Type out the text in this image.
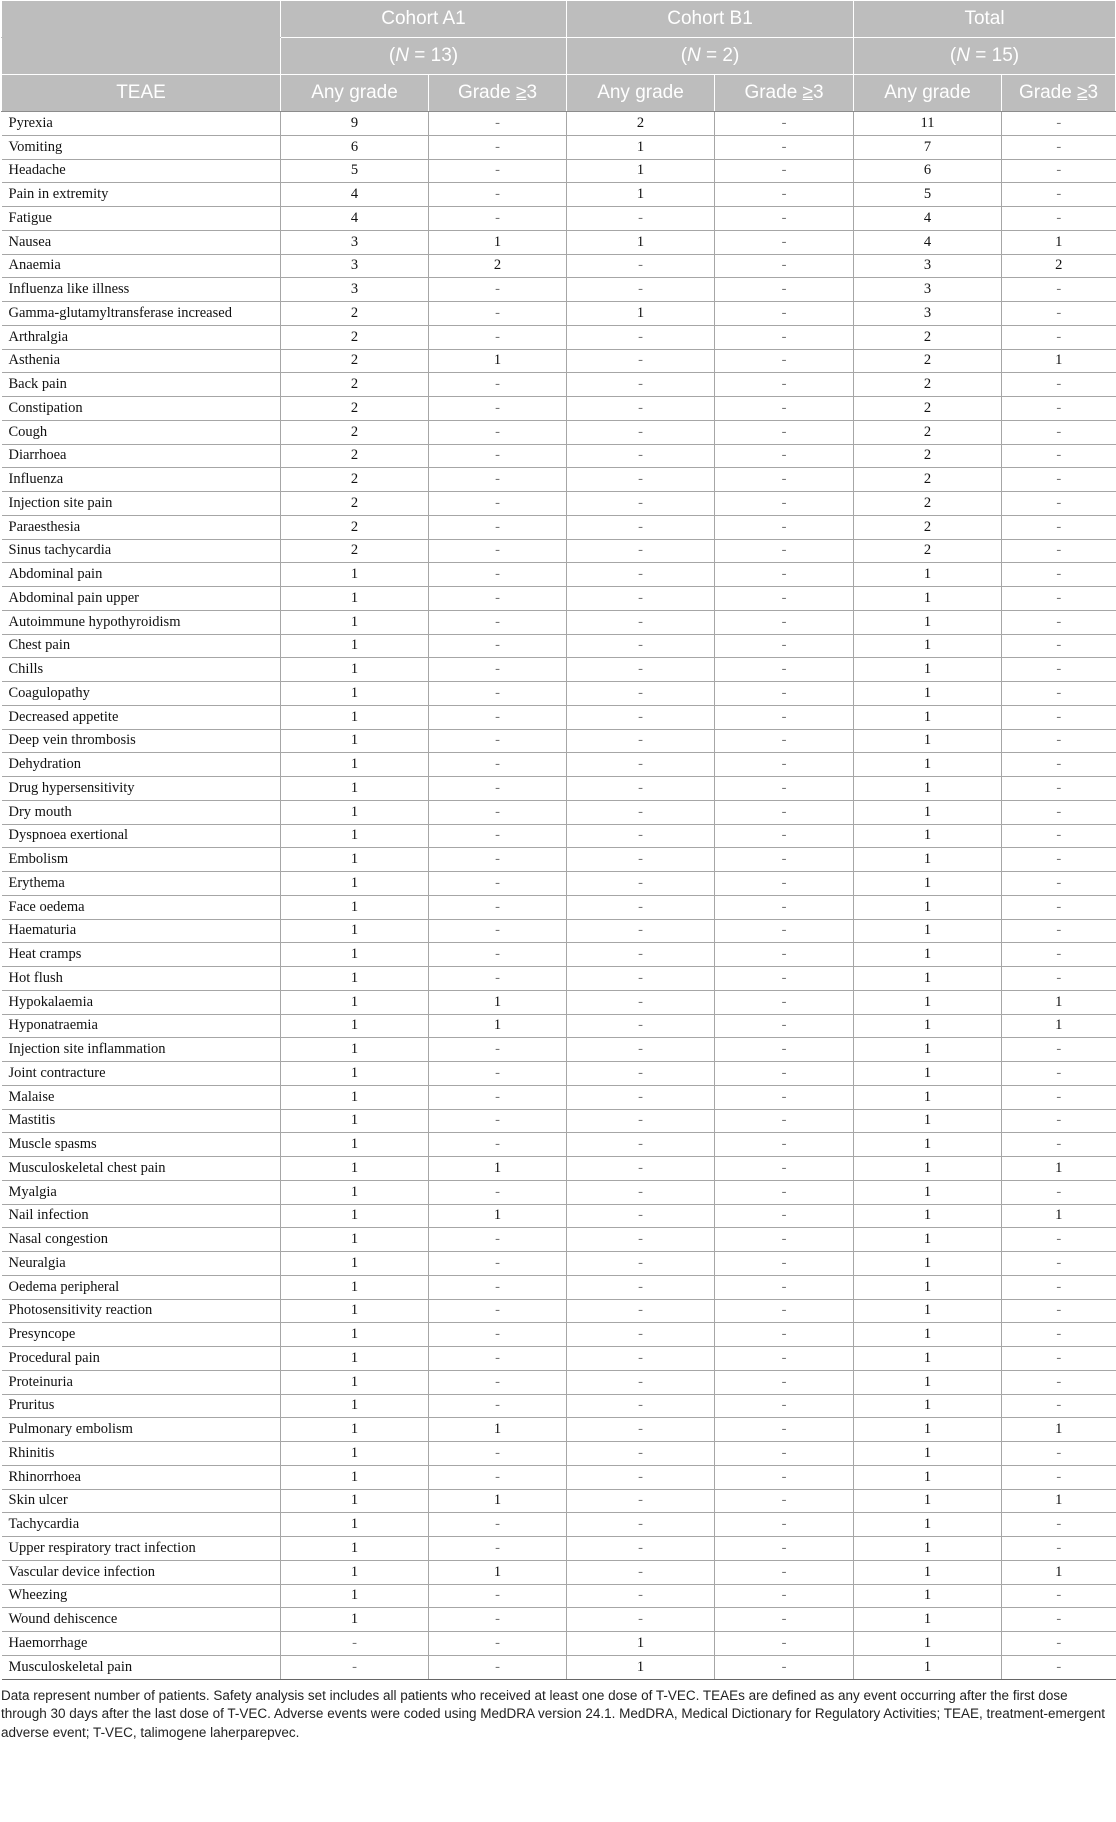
	Cohort A1		Cohort B1		Total	
	(N = 13)		(N = 2)		(N = 15)	
TEAE	Any grade	Grade ≥3	Any grade	Grade ≥3	Any grade	Grade ≥3
Pyrexia	9	-	2	-	11	-
Vomiting	6	-	1	-	7	-
Headache	5	-	1	-	6	-
Pain in extremity	4	-	1	-	5	-
Fatigue	4	-	-	-	4	-
Nausea	3	1	1	-	4	1
Anaemia	3	2	-	-	3	2
Influenza like illness	3	-	-	-	3	-
Gamma-glutamyltransferase increased	2	-	1	-	3	-
Arthralgia	2	-	-	-	2	-
Asthenia	2	1	-	-	2	1
Back pain	2	-	-	-	2	-
Constipation	2	-	-	-	2	-
Cough	2	-	-	-	2	-
Diarrhoea	2	-	-	-	2	-
Influenza	2	-	-	-	2	-
Injection site pain	2	-	-	-	2	-
Paraesthesia	2	-	-	-	2	-
Sinus tachycardia	2	-	-	-	2	-
Abdominal pain	1	-	-	-	1	-
Abdominal pain upper	1	-	-	-	1	-
Autoimmune hypothyroidism	1	-	-	-	1	-
Chest pain	1	-	-	-	1	-
Chills	1	-	-	-	1	-
Coagulopathy	1	-	-	-	1	-
Decreased appetite	1	-	-	-	1	-
Deep vein thrombosis	1	-	-	-	1	-
Dehydration	1	-	-	-	1	-
Drug hypersensitivity	1	-	-	-	1	-
Dry mouth	1	-	-	-	1	-
Dyspnoea exertional	1	-	-	-	1	-
Embolism	1	-	-	-	1	-
Erythema	1	-	-	-	1	-
Face oedema	1	-	-	-	1	-
Haematuria	1	-	-	-	1	-
Heat cramps	1	-	-	-	1	-
Hot flush	1	-	-	-	1	-
Hypokalaemia	1	1	-	-	1	1
Hyponatraemia	1	1	-	-	1	1
Injection site inflammation	1	-	-	-	1	-
Joint contracture	1	-	-	-	1	-
Malaise	1	-	-	-	1	-
Mastitis	1	-	-	-	1	-
Muscle spasms	1	-	-	-	1	-
Musculoskeletal chest pain	1	1	-	-	1	1
Myalgia	1	-	-	-	1	-
Nail infection	1	1	-	-	1	1
Nasal congestion	1	-	-	-	1	-
Neuralgia	1	-	-	-	1	-
Oedema peripheral	1	-	-	-	1	-
Photosensitivity reaction	1	-	-	-	1	-
Presyncope	1	-	-	-	1	-
Procedural pain	1	-	-	-	1	-
Proteinuria	1	-	-	-	1	-
Pruritus	1	-	-	-	1	-
Pulmonary embolism	1	1	-	-	1	1
Rhinitis	1	-	-	-	1	-
Rhinorrhoea	1	-	-	-	1	-
Skin ulcer	1	1	-	-	1	1
Tachycardia	1	-	-	-	1	-
Upper respiratory tract infection	1	-	-	-	1	-
Vascular device infection	1	1	-	-	1	1
Wheezing	1	-	-	-	1	-
Wound dehiscence	1	-	-	-	1	-
Haemorrhage	-	-	1	-	1	-
Musculoskeletal pain	-	-	1	-	1	-
Data represent number of patients. Safety analysis set includes all patients who received at least one dose of T-VEC. TEAEs are defined as any event occurring after the first dose through 30 days after the last dose of T-VEC. Adverse events were coded using MedDRA version 24.1. MedDRA, Medical Dictionary for Regulatory Activities; TEAE, treatment-emergent adverse event; T-VEC, talimogene laherparepvec.
